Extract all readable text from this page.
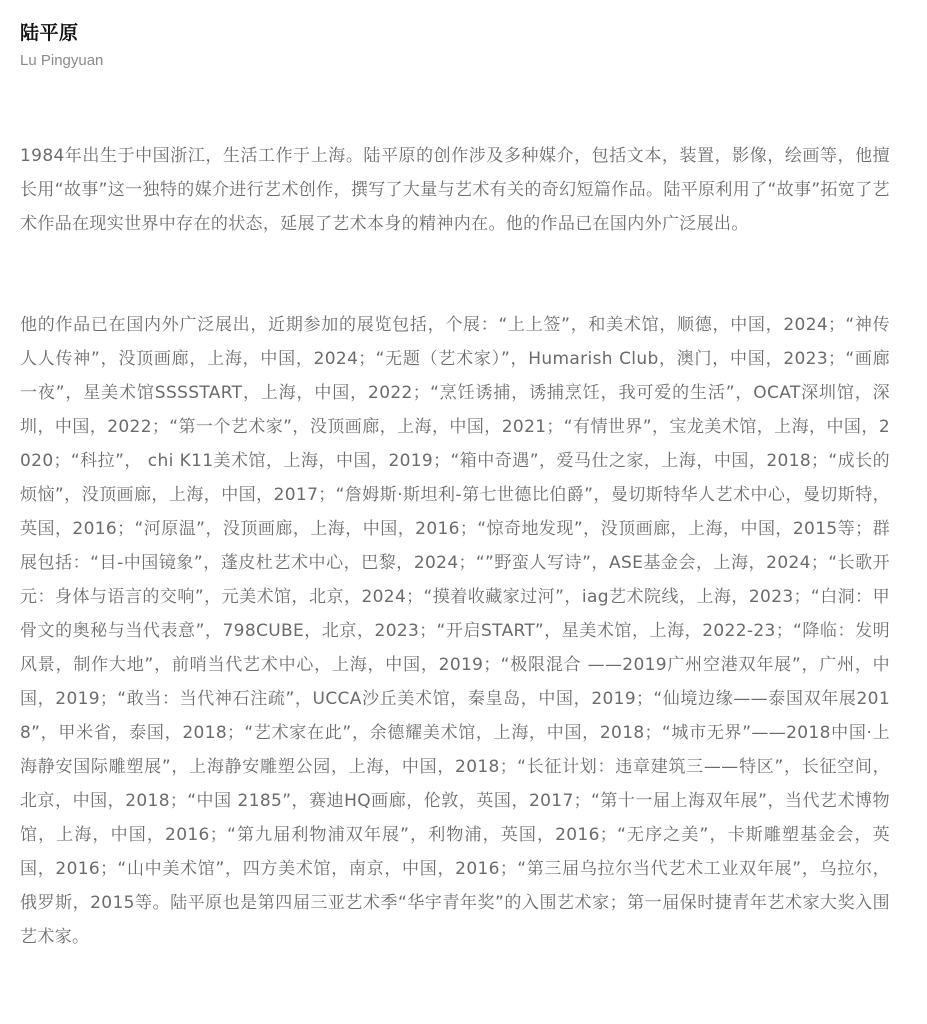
陆平原
Lu Pingyuan

1984年出生于中国浙江，生活工作于上海。陆平原的创作涉及多种媒介，包括文本，装置，影像，绘画等，他擅长用“故事”这一独特的媒介进行艺术创作，撰写了大量与艺术有关的奇幻短篇作品。陆平原利用了“故事”拓宽了艺术作品在现实世界中存在的状态，延展了艺术本身的精神内在。他的作品已在国内外广泛展出。

他的作品已在国内外广泛展出，近期参加的展览包括，个展：“上上签”，和美术馆，顺德，中国，2024；“神传人人传神”，没顶画廊，上海，中国，2024；“无题（艺术家）”，Humarish Club，澳门，中国，2023；“画廊一夜”，星美术馆SSSSTART，上海，中国，2022；“烹饪诱捕，诱捕烹饪，我可爱的生活”，OCAT深圳馆，深圳，中国，2022；“第一个艺术家”，没顶画廊，上海，中国，2021；“有情世界”，宝龙美术馆，上海，中国，2020；“科拉”， chi K11美术馆，上海，中国，2019；“箱中奇遇”，爱马仕之家，上海，中国，2018；“成长的烦恼”，没顶画廊，上海，中国，2017；“詹姆斯·斯坦利-第七世德比伯爵”，曼切斯特华人艺术中心，曼切斯特，英国，2016；“河原温”，没顶画廊，上海，中国，2016；“惊奇地发现”，没顶画廊，上海，中国，2015等；群展包括：“目-中国镜象”，蓬皮杜艺术中心，巴黎，2024；“”野蛮人写诗”，ASE基金会，上海，2024；“长歌开元：身体与语言的交响”，元美术馆，北京，2024；“摸着收藏家过河”，iag艺术院线，上海，2023；“白洞：甲骨文的奥秘与当代表意”，798CUBE，北京，2023；“开启START”，星美术馆，上海，2022-23；“降临：发明风景，制作大地”，前哨当代艺术中心，上海，中国，2019；“极限混合 ——2019广州空港双年展”，广州，中国，2019；“敢当：当代神石注疏”，UCCA沙丘美术馆，秦皇岛，中国，2019；“仙境边缘——泰国双年展2018”，甲米省，泰国，2018；“艺术家在此”，余德耀美术馆，上海，中国，2018；“城市无界”——2018中国·上海静安国际雕塑展”，上海静安雕塑公园，上海，中国，2018；“长征计划：违章建筑三——特区”，长征空间，北京，中国，2018；“中国 2185”，赛迪HQ画廊，伦敦，英国，2017；“第十一届上海双年展”，当代艺术博物馆，上海，中国，2016；“第九届利物浦双年展”，利物浦，英国，2016；“无序之美”，卡斯雕塑基金会，英国，2016；“山中美术馆”，四方美术馆，南京，中国，2016；“第三届乌拉尔当代艺术工业双年展”，乌拉尔，俄罗斯，2015等。陆平原也是第四届三亚艺术季“华宇青年奖”的入围艺术家；第一届保时捷青年艺术家大奖入围艺术家。
